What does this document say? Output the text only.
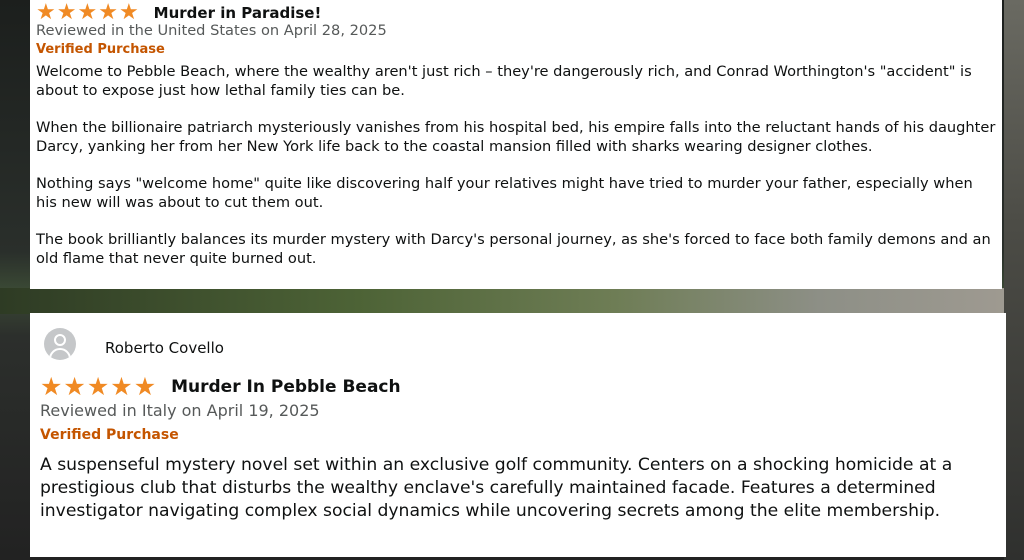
★★★★★ Murder in Paradise!
Reviewed in the United States on April 28, 2025
Verified Purchase

Welcome to Pebble Beach, where the wealthy aren't just rich – they're dangerously rich, and Conrad Worthington's "accident" is about to expose just how lethal family ties can be.

When the billionaire patriarch mysteriously vanishes from his hospital bed, his empire falls into the reluctant hands of his daughter Darcy, yanking her from her New York life back to the coastal mansion filled with sharks wearing designer clothes.

Nothing says "welcome home" quite like discovering half your relatives might have tried to murder your father, especially when his new will was about to cut them out.

The book brilliantly balances its murder mystery with Darcy's personal journey, as she's forced to face both family demons and an old flame that never quite burned out.

Roberto Covello
★★★★★ Murder In Pebble Beach
Reviewed in Italy on April 19, 2025
Verified Purchase

A suspenseful mystery novel set within an exclusive golf community. Centers on a shocking homicide at a prestigious club that disturbs the wealthy enclave's carefully maintained facade. Features a determined investigator navigating complex social dynamics while uncovering secrets among the elite membership.
